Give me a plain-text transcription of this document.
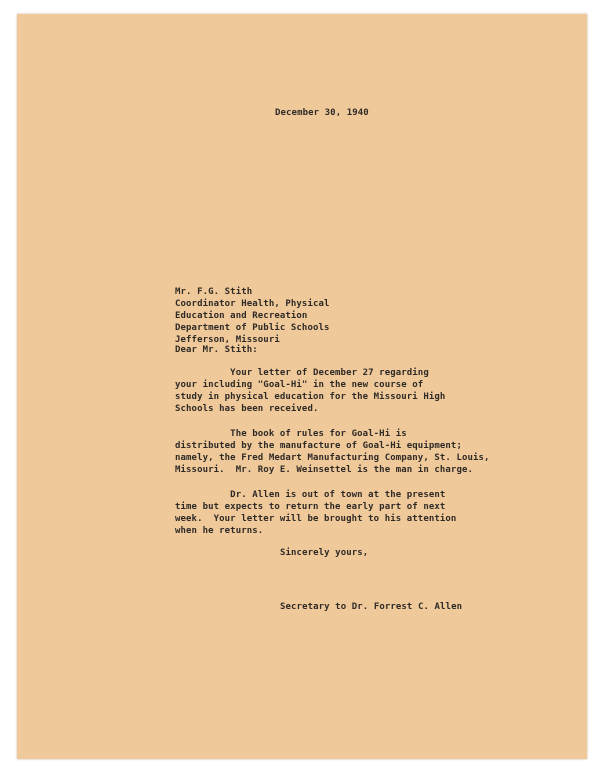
December 30, 1940

Mr. F.G. Stith
Coordinator Health, Physical
Education and Recreation
Department of Public Schools
Jefferson, Missouri

Dear Mr. Stith:

Your letter of December 27 regarding
your including "Goal-Hi" in the new course of
study in physical education for the Missouri High
Schools has been received.
The book of rules for Goal-Hi is
distributed by the manufacture of Goal-Hi equipment;
namely, the Fred Medart Manufacturing Company, St. Louis,
Missouri.  Mr. Roy E. Weinsettel is the man in charge.
Dr. Allen is out of town at the present
time but expects to return the early part of next
week.  Your letter will be brought to his attention
when he returns.

Sincerely yours,

Secretary to Dr. Forrest C. Allen
